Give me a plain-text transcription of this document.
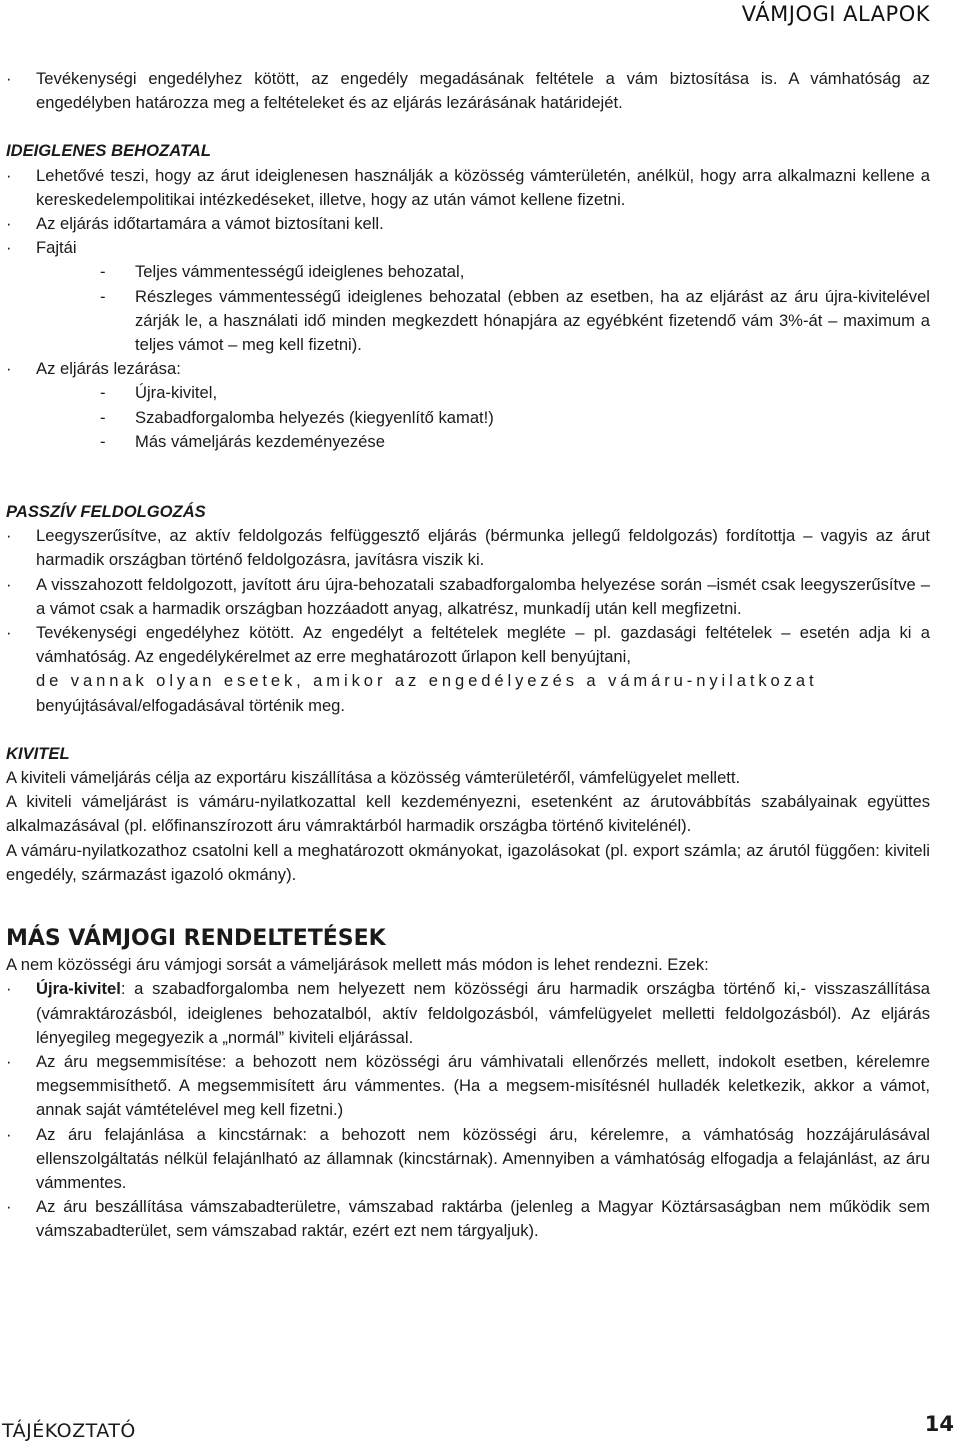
VÁMJOGI ALAPOK
·	Tevékenységi engedélyhez kötött, az engedély megadásának feltétele a vám biztosítása is. A vámhatóság az engedélyben határozza meg a feltételeket és az eljárás lezárásának határidejét.
IDEIGLENES BEHOZATAL
·	Lehetővé teszi, hogy az árut ideiglenesen használják a közösség vámterületén, anélkül, hogy arra alkalmazni kellene a kereskedelempolitikai intézkedéseket, illetve, hogy az után vámot kellene fizetni.
·	Az eljárás időtartamára a vámot biztosítani kell.
·	Fajtái
-	Teljes vámmentességű ideiglenes behozatal,
-	Részleges vámmentességű ideiglenes behozatal (ebben az esetben, ha az eljárást az áru újra-kivitelével zárják le, a használati idő minden megkezdett hónapjára az egyébként fizetendő vám 3%-át – maximum a teljes vámot – meg kell fizetni).
·	Az eljárás lezárása:
-	Újra-kivitel,
-	Szabadforgalomba helyezés (kiegyenlítő kamat!)
-	Más vámeljárás kezdeményezése
PASSZÍV FELDOLGOZÁS
·	Leegyszerűsítve, az aktív feldolgozás felfüggesztő eljárás (bérmunka jellegű feldolgozás) fordítottja – vagyis az árut harmadik országban történő feldolgozásra, javításra viszik ki.
·	A visszahozott feldolgozott, javított áru újra-behozatali szabadforgalomba helyezése során –ismét csak leegyszerűsítve – a vámot csak a harmadik országban hozzáadott anyag, alkatrész, munkadíj után kell megfizetni.
·	Tevékenységi engedélyhez kötött. Az engedélyt a feltételek megléte – pl. gazdasági feltételek – esetén adja ki a vámhatóság. Az engedélykérelmet az erre meghatározott űrlapon kell benyújtani,
de vannak olyan esetek, amikor az engedélyezés a vámáru-nyilatkozat
benyújtásával/elfogadásával történik meg.
KIVITEL
A kiviteli vámeljárás célja az exportáru kiszállítása a közösség vámterületéről, vámfelügyelet mellett.
A kiviteli vámeljárást is vámáru-nyilatkozattal kell kezdeményezni, esetenként az árutovábbítás szabályainak együttes alkalmazásával (pl. előfinanszírozott áru vámraktárból harmadik országba történő kivitelénél).
A vámáru-nyilatkozathoz csatolni kell a meghatározott okmányokat, igazolásokat (pl. export számla; az árutól függően: kiviteli engedély, származást igazoló okmány).
MÁS VÁMJOGI RENDELTETÉSEK
A nem közösségi áru vámjogi sorsát a vámeljárások mellett más módon is lehet rendezni. Ezek:
·	Újra-kivitel: a szabadforgalomba nem helyezett nem közösségi áru harmadik országba történő ki,- visszaszállítása (vámraktározásból, ideiglenes behozatalból, aktív feldolgozásból, vámfelügyelet melletti feldolgozásból). Az eljárás lényegileg megegyezik a „normál” kiviteli eljárással.
·	Az áru megsemmisítése: a behozott nem közösségi áru vámhivatali ellenőrzés mellett, indokolt esetben, kérelemre megsemmisíthető. A megsemmisített áru vámmentes. (Ha a megsem-misítésnél hulladék keletkezik, akkor a vámot, annak saját vámtételével meg kell fizetni.)
·	Az áru felajánlása a kincstárnak: a behozott nem közösségi áru, kérelemre, a vámhatóság hozzájárulásával ellenszolgáltatás nélkül felajánlható az államnak (kincstárnak). Amennyiben a vámhatóság elfogadja a felajánlást, az áru vámmentes.
·	Az áru beszállítása vámszabadterületre, vámszabad raktárba (jelenleg a Magyar Köztársaságban nem működik sem vámszabadterület, sem vámszabad raktár, ezért ezt nem tárgyaljuk).
TÁJÉKOZTATÓ	14
